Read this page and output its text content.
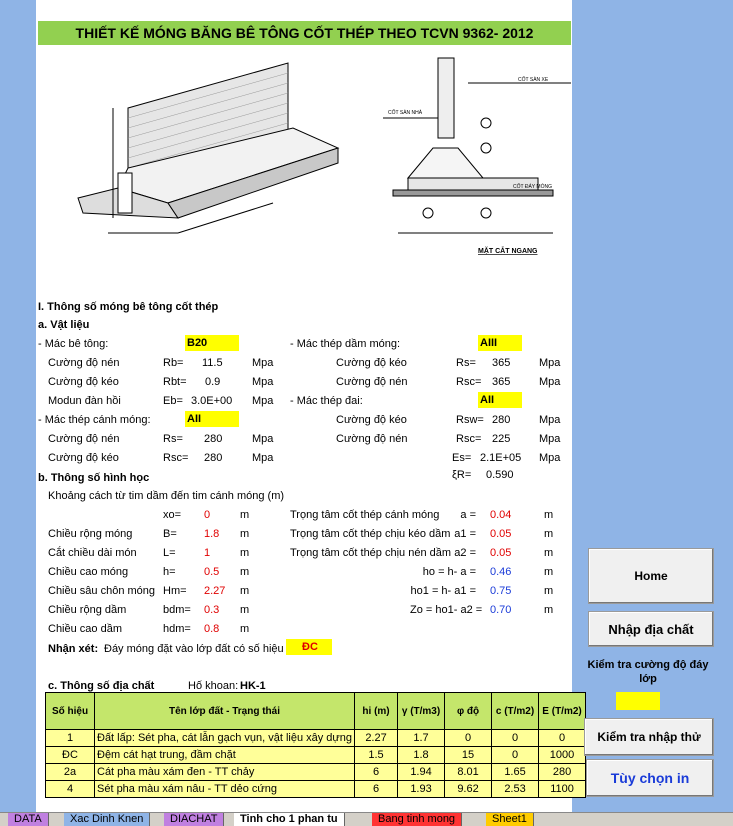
THIẾT KẾ MÓNG BĂNG BÊ TÔNG CỐT THÉP THEO TCVN 9362- 2012
MẶT CẮT NGANG
CỐT SÀN XE
CỐT SÀN NHÀ
CỐT ĐÁY MÓNG
I. Thông số móng bê tông cốt thép
a. Vật liệu
- Mác bê tông:	B20
Cường độ nén	Rb= 11.5	Mpa
Cường độ kéo	Rbt= 0.9	Mpa
Modun đàn hồi	Eb= 3.0E+00 Mpa
- Mác thép dầm móng:	AIII
Cường độ kéo	Rs= 365	Mpa
Cường độ nén	Rsc= 365	Mpa
- Mác thép đai:	AII
Cường độ kéo	Rsw= 280	Mpa
Cường độ nén	Rsc= 225	Mpa
Es= 2.1E+05 Mpa
ξR= 0.590
- Mác thép cánh móng:	AII
Cường độ nén	Rs= 280	Mpa
Cường độ kéo	Rsc= 280	Mpa
b. Thông số hình học
Khoảng cách từ tim dầm đến tim cánh móng (m)
xo= 0	m
Chiều rộng móng	B= 1.8 m
Cắt chiều dài món L=	1	m
Chiều cao móng	h=	0.5 m
Chiều sâu chôn móng Hm= 2.27 m
Chiều rộng dầm	bdm= 0.3 m
Chiều cao dầm	hdm= 0.8 m
Trọng tâm cốt thép cánh móng	a = 0.04	m
Trọng tâm cốt thép chịu kéo dầm a1 = 0.05	m
Trọng tâm cốt thép chịu nén dầm a2 = 0.05	m
ho = h- a = 0.46	m
ho1 = h- a1 = 0.75	m
Zo = ho1- a2 = 0.70	m
Nhận xét: Đáy móng đặt vào lớp đất có số hiệu	ĐC
c. Thông số địa chất	Hố khoan: HK-1
Số hiệu	Tên lớp đất - Trạng thái	hi (m)	γ (T/m3)	φ độ	c (T/m2)	E (T/m2)
1	Đất lấp: Sét pha, cát lẫn gạch vụn, vật liệu xây dựng	2.27	1.7	0	0	0
ĐC	Đệm cát hạt trung, đầm chặt	1.5	1.8	15	0	1000
2a	Cát pha màu xám đen - TT chảy	6	1.94	8.01	1.65	280
4	Sét pha màu xám nâu - TT dẻo cứng	6	1.93	9.62	2.53	1100
Home
Nhập địa chất
Kiểm tra cường độ đáy lớp
Kiểm tra nhập thử
Tùy chọn in
DATA	Xac Dinh Knen	DIACHAT	Tinh cho 1 phan tu	Bang tinh mong	Sheet1
